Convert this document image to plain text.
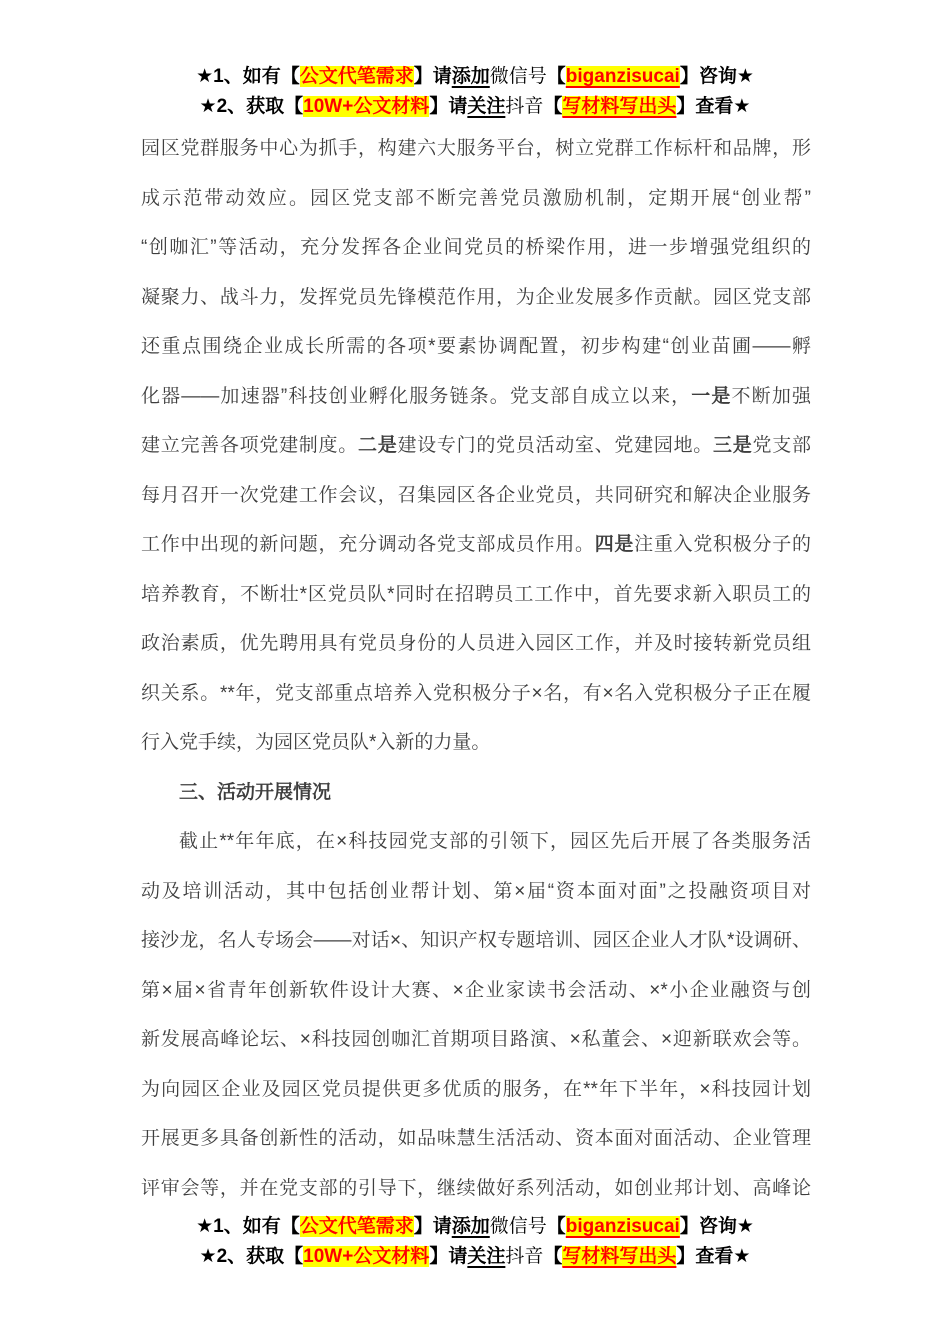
★1、如有【公文代笔需求】请添加微信号【biganzisucai】咨询★
★2、获取【10W+公文材料】请关注抖音【写材料写出头】查看★
园区党群服务中心为抓手，构建六大服务平台，树立党群工作标杆和品牌，形
成示范带动效应。园区党支部不断完善党员激励机制，定期开展“创业帮”
“创咖汇”等活动，充分发挥各企业间党员的桥梁作用，进一步增强党组织的
凝聚力、战斗力，发挥党员先锋模范作用，为企业发展多作贡献。园区党支部
还重点围绕企业成长所需的各项*要素协调配置，初步构建“创业苗圃——孵
化器——加速器”科技创业孵化服务链条。党支部自成立以来，一是不断加强
建立完善各项党建制度。二是建设专门的党员活动室、党建园地。三是党支部
每月召开一次党建工作会议，召集园区各企业党员，共同研究和解决企业服务
工作中出现的新问题，充分调动各党支部成员作用。四是注重入党积极分子的
培养教育，不断壮*区党员队*同时在招聘员工工作中，首先要求新入职员工的
政治素质，优先聘用具有党员身份的人员进入园区工作，并及时接转新党员组
织关系。**年，党支部重点培养入党积极分子×名，有×名入党积极分子正在履
行入党手续，为园区党员队*入新的力量。
三、活动开展情况
截止**年年底，在×科技园党支部的引领下，园区先后开展了各类服务活
动及培训活动，其中包括创业帮计划、第×届“资本面对面”之投融资项目对
接沙龙，名人专场会——对话×、知识产权专题培训、园区企业人才队*设调研、
第×届×省青年创新软件设计大赛、×企业家读书会活动、×*小企业融资与创
新发展高峰论坛、×科技园创咖汇首期项目路演、×私董会、×迎新联欢会等。
为向园区企业及园区党员提供更多优质的服务，在**年下半年，×科技园计划
开展更多具备创新性的活动，如品味慧生活活动、资本面对面活动、企业管理
评审会等，并在党支部的引导下，继续做好系列活动，如创业邦计划、高峰论
★1、如有【公文代笔需求】请添加微信号【biganzisucai】咨询★
★2、获取【10W+公文材料】请关注抖音【写材料写出头】查看★
